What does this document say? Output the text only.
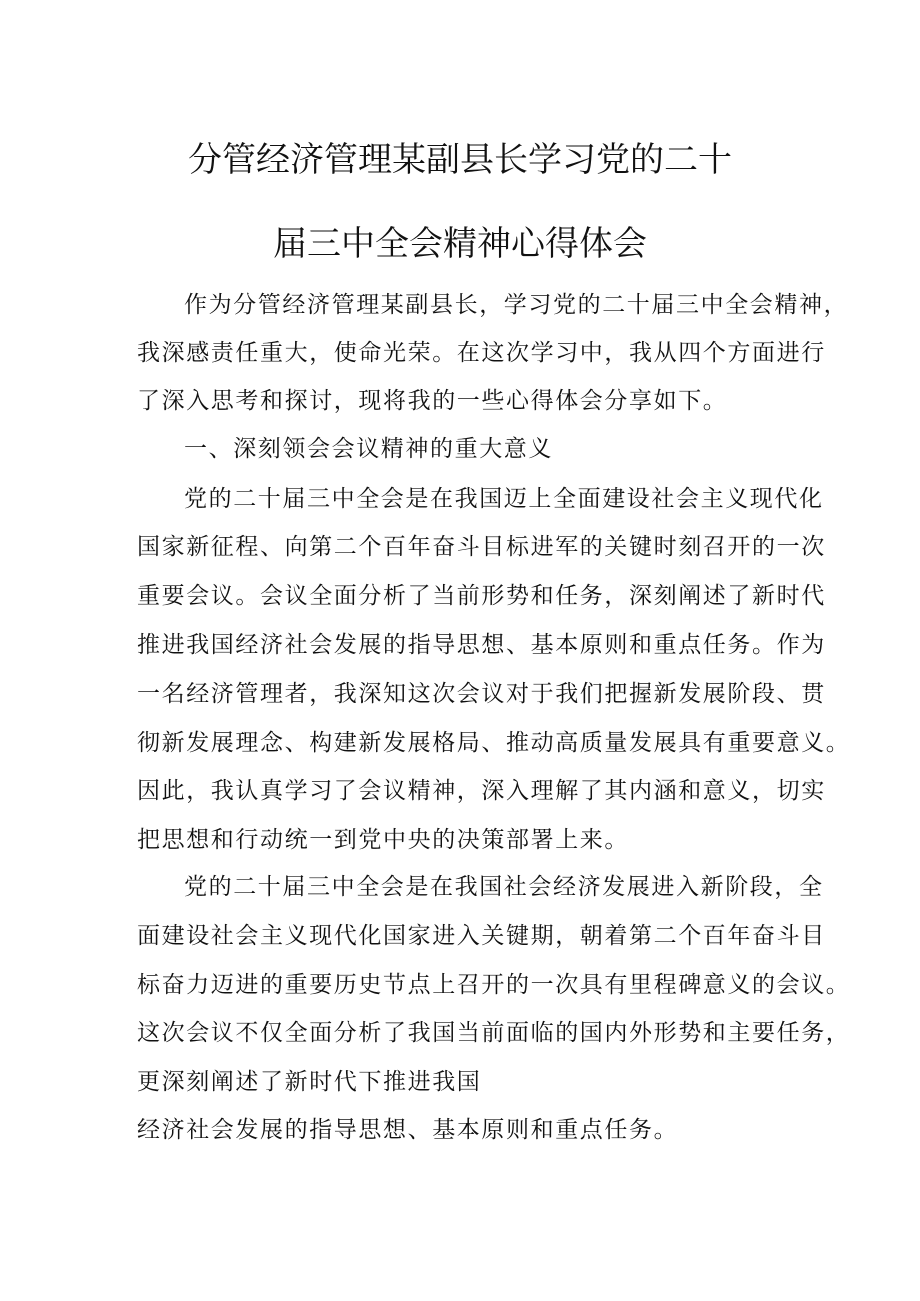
分管经济管理某副县长学习党的二十
届三中全会精神心得体会
作为分管经济管理某副县长，学习党的二十届三中全会精神，
我深感责任重大，使命光荣。在这次学习中，我从四个方面进行
了深入思考和探讨，现将我的一些心得体会分享如下。
一、深刻领会会议精神的重大意义
党的二十届三中全会是在我国迈上全面建设社会主义现代化
国家新征程、向第二个百年奋斗目标进军的关键时刻召开的一次
重要会议。会议全面分析了当前形势和任务，深刻阐述了新时代
推进我国经济社会发展的指导思想、基本原则和重点任务。作为
一名经济管理者，我深知这次会议对于我们把握新发展阶段、贯
彻新发展理念、构建新发展格局、推动高质量发展具有重要意义。
因此，我认真学习了会议精神，深入理解了其内涵和意义，切实
把思想和行动统一到党中央的决策部署上来。
党的二十届三中全会是在我国社会经济发展进入新阶段，全
面建设社会主义现代化国家进入关键期，朝着第二个百年奋斗目
标奋力迈进的重要历史节点上召开的一次具有里程碑意义的会议。
这次会议不仅全面分析了我国当前面临的国内外形势和主要任务，
更深刻阐述了新时代下推进我国
经济社会发展的指导思想、基本原则和重点任务。
